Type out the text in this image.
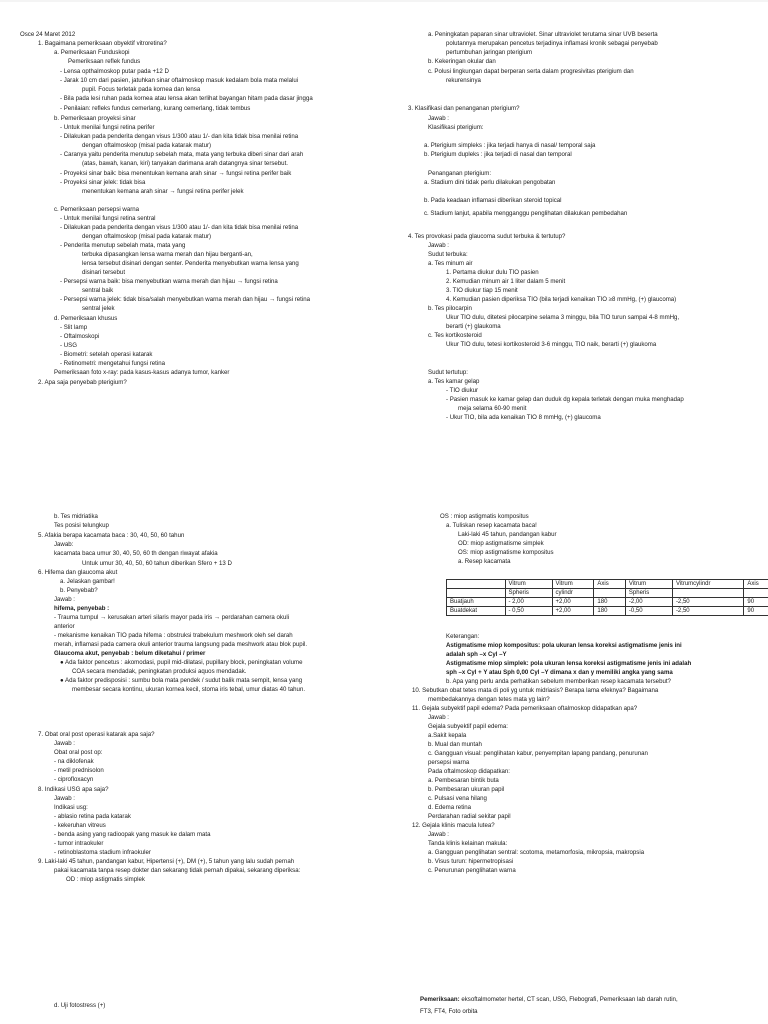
Osce 24 Maret 2012
1. Bagaimana pemeriksaan obyektif vitroretina?
a. Pemeriksaan Funduskopi
Pemeriksaan reflek fundus
- Lensa opthalmoskop putar pada +12 D
- Jarak 10 cm dari pasien, jatuhkan sinar oftalmoskop masuk kedalam bola mata melalui
pupil. Focus terletak pada kornea dan lensa
- Bila pada lesi ruhan pada kornea atau lensa akan terlihat bayangan hitam pada dasar jingga
- Penilaian: refleks fundus cemerlang, kurang cemerlang, tidak tembus
b. Pemeriksaan proyeksi sinar
- Untuk menilai fungsi retina perifer
- Dilakukan pada penderita dengan visus 1/300 atau 1/- dan kita tidak bisa menilai retina
dengan oftalmoskop (misal pada katarak matur)
- Caranya yaitu penderita menutup sebelah mata, mata yang terbuka diberi sinar dari arah
(atas, bawah, kanan, kiri) tanyakan darimana arah datangnya sinar tersebut.
- Proyeksi sinar baik: bisa menentukan kemana arah sinar → fungsi retina perifer baik
- Proyeksi sinar jelek: tidak bisa
menentukan kemana arah sinar → fungsi retina perifer jelek
c. Pemeriksaan persepsi warna
- Untuk menilai fungsi retina sentral
- Dilakukan pada penderita dengan visus 1/300 atau 1/- dan kita tidak bisa menilai retina
dengan oftalmoskop (misal pada katarak matur)
- Penderita menutup sebelah mata, mata yang
terbuka dipasangkan lensa warna merah dan hijau berganti-an,
lensa tersebut disinari dengan senter. Penderita menyebutkan warna lensa yang
disinari tersebut
- Persepsi warna baik: bisa menyebutkan warna merah dan hijau → fungsi retina
sentral baik
- Persepsi warna jelek: tidak bisa/salah menyebutkan warna merah dan hijau → fungsi retina
sentral jelek
d. Pemeriksaan khusus
- Slit lamp
- Oftalmoskopi
- USG
- Biometri: setelah operasi katarak
- Retinometri: mengetahui fungsi retina
Pemeriksaan foto x-ray: pada kasus-kasus adanya tumor, kanker
2. Apa saja penyebab pterigium?
a. Peningkatan paparan sinar ultraviolet. Sinar ultraviolet terutama sinar UVB beserta
polutannya merupakan pencetus terjadinya inflamasi kronik sebagai penyebab
pertumbuhan jaringan pterigium
b. Kekeringan okular dan
c. Polusi lingkungan dapat berperan serta dalam progresivitas pterigium dan
rekurensinya
3. Klasifikasi dan penanganan pterigium?
Jawab :
Klasifikasi pterigium:
a. Pterigium simpleks : jika terjadi hanya di nasal/ temporal saja
b. Pterigium dupleks : jika terjadi di nasal dan temporal
Penanganan pterigium:
a. Stadium dini tidak perlu dilakukan pengobatan
b. Pada keadaan inflamasi diberikan steroid topical
c. Stadium lanjut, apabila mengganggu penglihatan dilakukan pembedahan
4. Tes provokasi pada glaucoma sudut terbuka & tertutup?
Jawab :
Sudut terbuka:
a. Tes minum air
1. Pertama diukur dulu TIO pasien
2. Kemudian minum air 1 liter dalam 5 menit
3. TIO diukur tiap 15 menit
4. Kemudian pasien diperiksa TIO (bila terjadi kenaikan TIO ≥8 mmHg, (+) glaucoma)
b. Tes pilocarpin
Ukur TIO dulu, ditetesi pilocarpine selama 3 minggu, bila TIO turun sampai 4-8 mmHg,
berarti (+) glaukoma
c. Tes kortikosteroid
Ukur TIO dulu, tetesi kortikosteroid 3-6 minggu, TIO naik, berarti (+) glaukoma
Sudut tertutup:
a. Tes kamar gelap
- TIO diukur
- Pasien masuk ke kamar gelap dan duduk dg kepala terletak dengan muka menghadap
meja selama 60-90 menit
- Ukur TIO, bila ada kenaikan TIO 8 mmHg, (+) glaucoma
b. Tes midriatika
Tes posisi telungkup
5. Afakia berapa kacamata baca : 30, 40, 50, 60 tahun
Jawab:
kacamata baca umur 30, 40, 50, 60 th dengan riwayat afakia
Untuk umur 30, 40, 50, 60 tahun diberikan Sfero + 13 D
6. Hifema dan glaucoma akut
a. Jelaskan gambar!
b. Penyebab?
Jawab :
hifema, penyebab :
- Trauma tumpul → kerusakan arteri silaris mayor pada iris → perdarahan camera okuli
anterior
- mekanisme kenaikan TIO pada hifema : obstruksi trabekulum meshwork oleh sel darah
merah, inflamasi pada camera okuli anterior trauma langsung pada meshwork atau blok pupil.
Glaucoma akut, penyebab : belum diketahui / primer
● Ada faktor pencetus : akomodasi, pupil mid-dilatasi, pupillary block, peningkatan volume
COA secara mendadak, peningkatan produksi aquos mendadak.
● Ada faktor predisposisi : sumbu bola mata pendek / sudut balik mata sempit, lensa yang
membesar secara kontinu, ukuran kornea kecil, stoma iris tebal, umur diatas 40 tahun.
7. Obat oral post operasi katarak apa saja?
Jawab :
Obat oral post op:
- na diklofenak
- metil prednisolon
- ciprofloxacyn
8. Indikasi USG apa saja?
Jawab :
Indikasi usg:
- ablasio retina pada katarak
- kekeruhan vitreus
- benda asing yang radioopak yang masuk ke dalam mata
- tumor intraokuler
- retinoblastoma stadium infraokuler
9. Laki-laki 45 tahun, pandangan kabur, Hipertensi (+), DM (+), 5 tahun yang lalu sudah pernah
pakai kacamata tanpa resep dokter dan sekarang tidak pernah dipakai, sekarang diperiksa:
OD : miop astigmatis simplek
d. Uji fotostress (+)
OS : miop astigmatis kompositus
a. Tuliskan resep kacamata baca!
Laki-laki 45 tahun, pandangan kabur
OD: miop astigmatisme simplek
OS: miop astigmatisme kompositus
a. Resep kacamata
Keterangan:
Astigmatisme miop kompositus: pola ukuran lensa koreksi astigmatisme jenis ini
adalah sph –x Cyl –Y
Astigmatisme miop simplek: pola ukuran lensa koreksi astigmatisme jenis ini adalah
sph –x Cyl + Y atau Sph 0,00 Cyl –Y dimana x dan y memiliki angka yang sama
b. Apa yang perlu anda perhatikan sebelum memberikan resep kacamata tersebut?
10. Sebutkan obat tetes mata di poli yg untuk midriasis? Berapa lama efeknya? Bagaimana
membedakannya dengan tetes mata yg lain?
11. Gejala subyektif papil edema? Pada pemeriksaan oftalmoskop didapatkan apa?
Jawab :
Gejala subyektif papil edema:
a.Sakit kepala
b. Mual dan muntah
c. Gangguan visual: penglihatan kabur, penyempitan lapang pandang, penurunan
persepsi warna
Pada oftalmoskop didapatkan:
a. Pembesaran bintik buta
b. Pembesaran ukuran papil
c. Pulsasi vena hilang
d. Edema retina
Perdarahan radial sekitar papil
12. Gejala klinis macula lutea?
Jawab :
Tanda klinis kelainan makula:
a. Gangguan penglihatan sentral: scotoma, metamorfosia, mikropsia, makropsia
b. Visus turun: hipermetropisasi
c. Penurunan penglihatan warna
Pemeriksaan: eksoftalmometer hertel, CT scan, USG, Flebografi, Pemeriksaan lab darah rutin,
FT3, FT4, Foto orbita
	Vitrum	Vitrum	Axis	Vitrum	Vitrumcylindr	Axis
	Spheris	cylindr		Spheris		
Buatjauh	- 2,00	+2,00	180	-2,00	-2,50	90
Buatdekat	- 0,50	+2,00	180	-0,50	-2,50	90
